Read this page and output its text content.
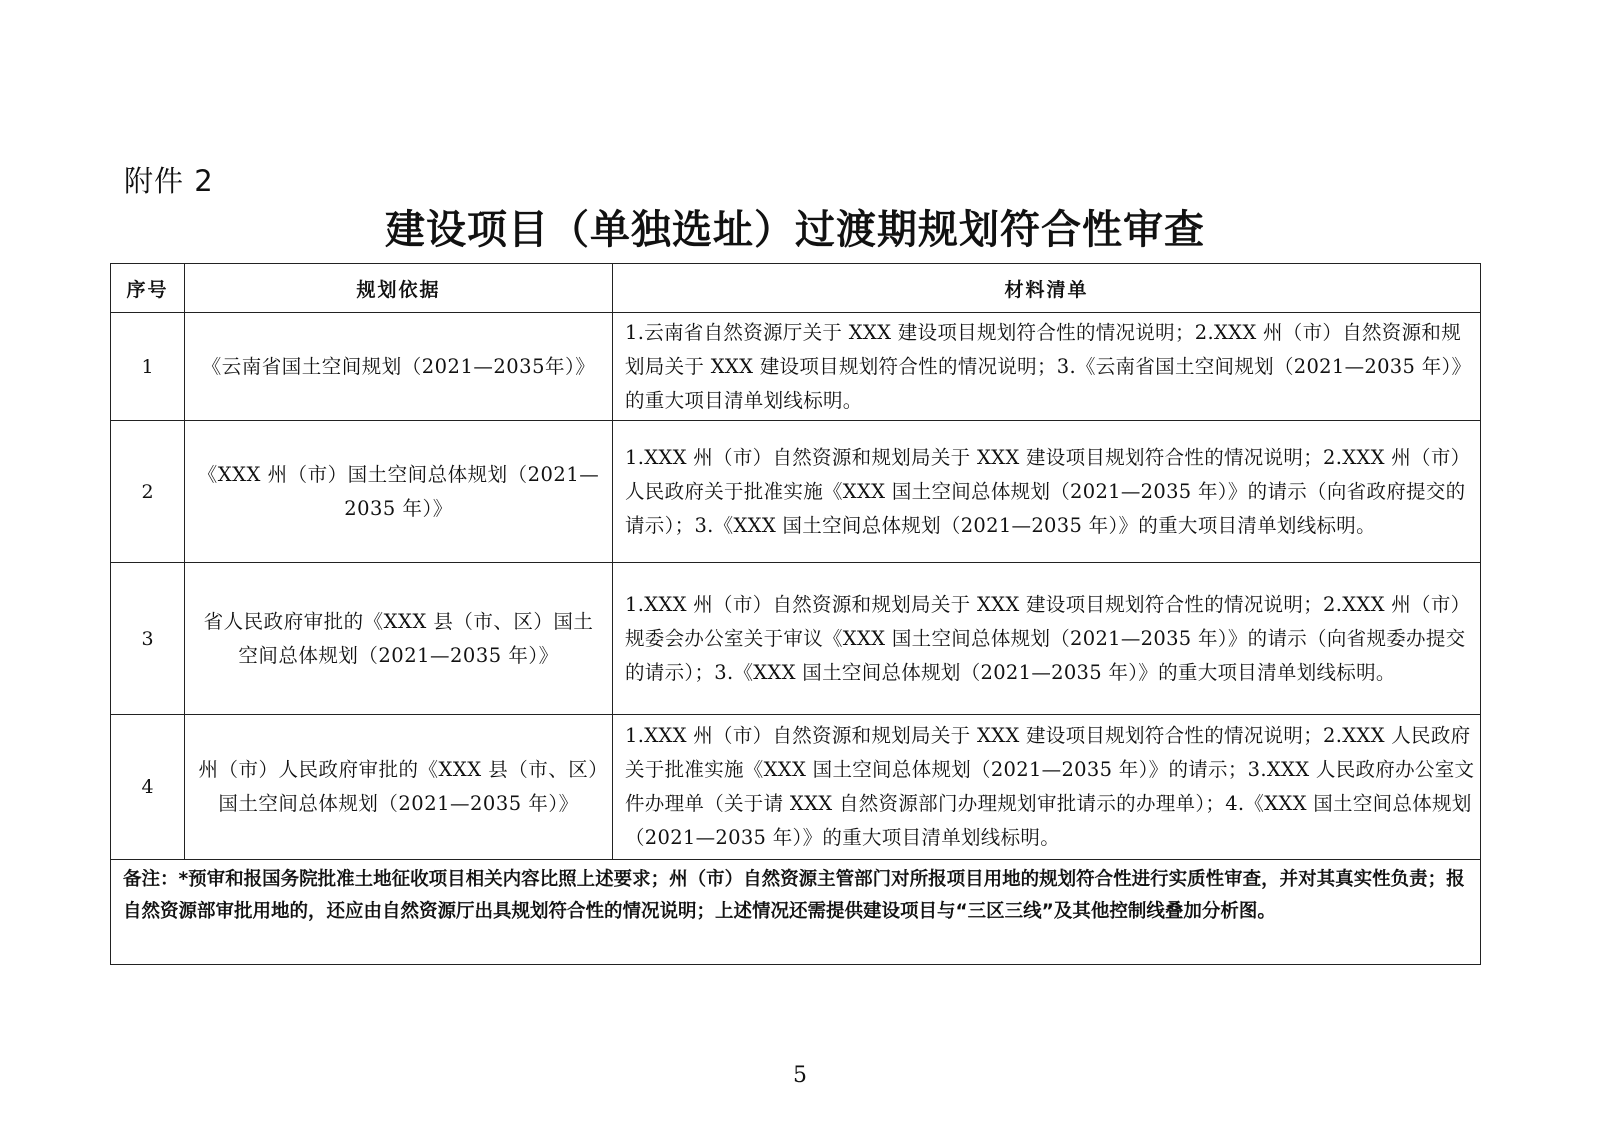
附件 2
建设项目（单独选址）过渡期规划符合性审查
序号	规划依据	材料清单
1	《云南省国土空间规划（2021—2035年）》	1.云南省自然资源厅关于 XXX 建设项目规划符合性的情况说明；2.XXX 州（市）自然资源和规划局关于 XXX 建设项目规划符合性的情况说明；3.《云南省国土空间规划（2021—2035 年）》的重大项目清单划线标明。
2	《XXX 州（市）国土空间总体规划（2021—2035 年）》	1.XXX 州（市）自然资源和规划局关于 XXX 建设项目规划符合性的情况说明；2.XXX 州（市）人民政府关于批准实施《XXX 国土空间总体规划（2021—2035 年）》的请示（向省政府提交的请示）；3.《XXX 国土空间总体规划（2021—2035 年）》的重大项目清单划线标明。
3	省人民政府审批的《XXX 县（市、区）国土空间总体规划（2021—2035 年）》	1.XXX 州（市）自然资源和规划局关于 XXX 建设项目规划符合性的情况说明；2.XXX 州（市）规委会办公室关于审议《XXX 国土空间总体规划（2021—2035 年）》的请示（向省规委办提交的请示）；3.《XXX 国土空间总体规划（2021—2035 年）》的重大项目清单划线标明。
4	州（市）人民政府审批的《XXX 县（市、区）国土空间总体规划（2021—2035 年）》	1.XXX 州（市）自然资源和规划局关于 XXX 建设项目规划符合性的情况说明；2.XXX 人民政府关于批准实施《XXX 国土空间总体规划（2021—2035 年）》的请示；3.XXX 人民政府办公室文件办理单（关于请 XXX 自然资源部门办理规划审批请示的办理单）；4.《XXX 国土空间总体规划（2021—2035 年）》的重大项目清单划线标明。
备注：*预审和报国务院批准土地征收项目相关内容比照上述要求；州（市）自然资源主管部门对所报项目用地的规划符合性进行实质性审查，并对其真实性负责；报自然资源部审批用地的，还应由自然资源厅出具规划符合性的情况说明；上述情况还需提供建设项目与“三区三线”及其他控制线叠加分析图。		
5
